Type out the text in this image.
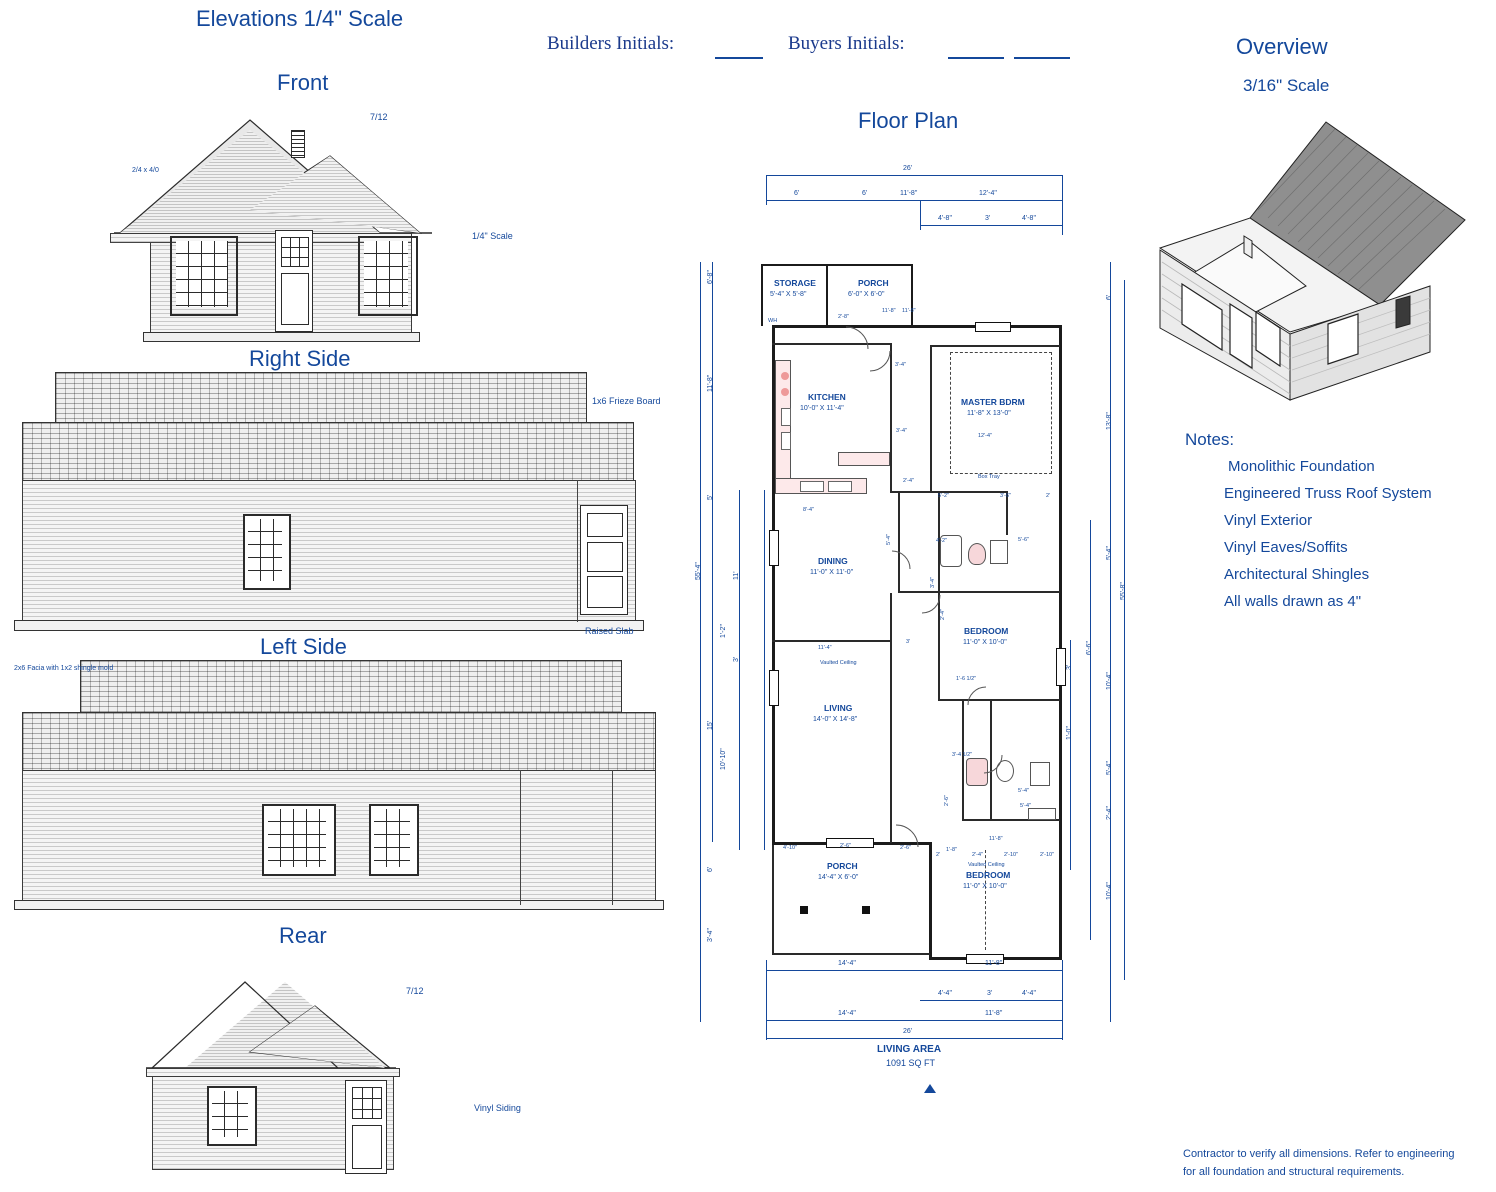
Elevations 1/4" Scale
Front
Right Side
Left Side
Rear
Floor Plan
Overview
3/16" Scale
Builders Initials:	Buyers Initials:
7/12
2/4 x 4/0
1/4" Scale
1x6 Frieze Board
Raised Slab
2x6 Facia with 1x2 shingle mold
7/12
Vinyl Siding
Notes:
Monolithic Foundation
Engineered Truss Roof System
Vinyl Exterior
Vinyl Eaves/Soffits
Architectural Shingles
All walls drawn as 4"
Contractor to verify all dimensions. Refer to engineering
for all foundation and structural requirements.
STORAGE
5'-4" X 5'-8"
PORCH
6'-0" X 6'-0"
WH
KITCHEN
10'-0" X 11'-4"
MASTER BDRM
11'-8" X 13'-0"
Box Tray
DINING
11'-0" X 11'-0"
BEDROOM
11'-0" X 10'-0"
LIVING
14'-0" X 14'-8"
Vaulted Ceiling
BEDROOM
11'-0" X 10'-0"
Vaulted Ceiling
PORCH
14'-4" X 6'-0"
LIVING AREA
1091 SQ FT
26'
6'	6'	11'-8"	12'-4"
4'-8"	3'	4'-8"
6'-8"
11'-8"
5'
55'-4"	11'
1'-2"
3'
15'
10'-10"
6'
3'-4"
6'
13'-8"
55'-8"
5'-4"
6'-6"
10'-4"
3'
1'-0"
5'-4"
2'-4"
10'-4"
14'-4"	11'-8"
4'-4"	3'	4'-4"
14'-4"	11'-8"
26'
2'-8"
11'-8" 11'-8"
3'-4"
3'-4"
12'-4"
8'-4"
5'-2"	3'-6"	2'
5'-6"
2'-4"
4'-2"
11'-4"
3'
5'-4"
3'-4"
2'-4"
1'-8"
2'-6"
4'-10"	2'-6"
2'
11'-8"
2'-4"	2'-10"	2'-10"
5'-4"
1'-6 1/2"
3'-4 1/2"
2'-6"
5'-4"
